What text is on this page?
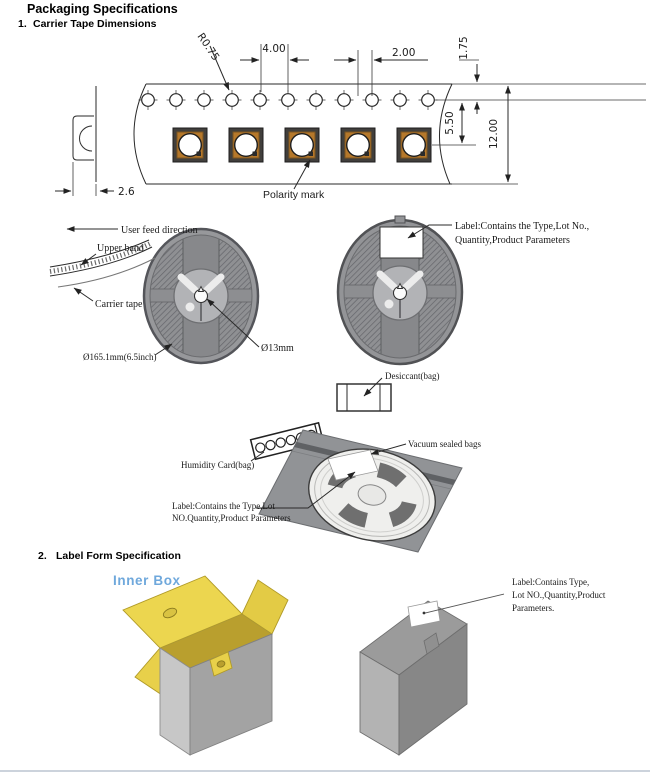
Packaging Specifications
1. Carrier Tape Dimensions
4.00	2.00
R0.75	1.75
5.50	12.00
Polarity mark
2.6
User feed direction
Upper band
Carrier tape
Ø165.1mm(6.5inch)
Ø13mm
Label:Contains the Type,Lot No.,
Quantity,Product Parameters
Desiccant(bag)
Humidity Card(bag)
Vacuum sealed bags
Label:Contains the Type,Lot
NO.Quantity,Product Parameters
2. Label Form Specification
Inner Box	Label:Contains Type,
Lot NO.,Quantity,Product
Parameters.
